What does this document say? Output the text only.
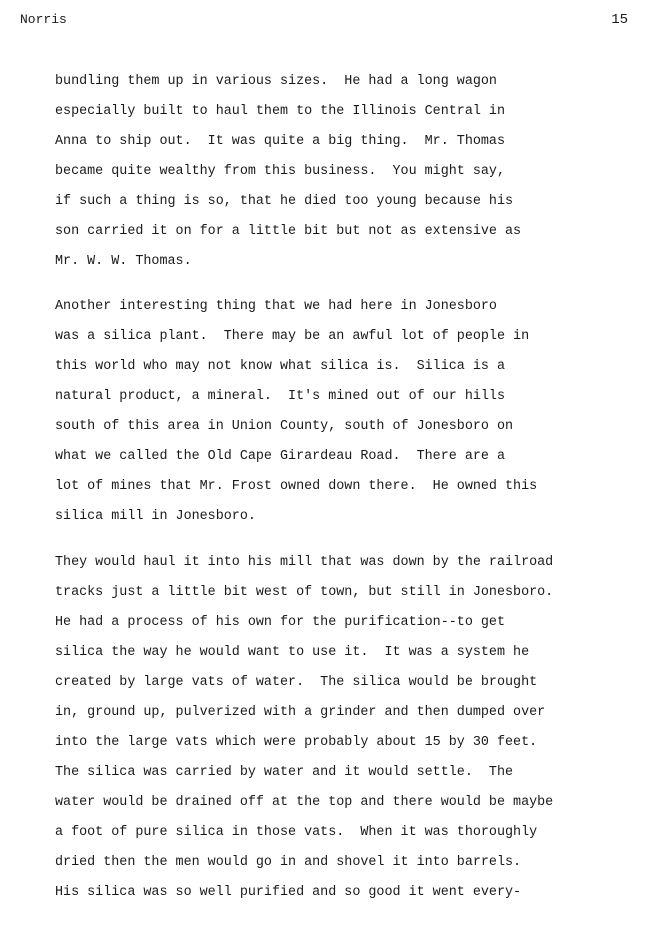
Norris	15
bundling them up in various sizes.  He had a long wagon
especially built to haul them to the Illinois Central in
Anna to ship out.  It was quite a big thing.  Mr. Thomas
became quite wealthy from this business.  You might say,
if such a thing is so, that he died too young because his
son carried it on for a little bit but not as extensive as
Mr. W. W. Thomas.
Another interesting thing that we had here in Jonesboro
was a silica plant.  There may be an awful lot of people in
this world who may not know what silica is.  Silica is a
natural product, a mineral.  It's mined out of our hills
south of this area in Union County, south of Jonesboro on
what we called the Old Cape Girardeau Road.  There are a
lot of mines that Mr. Frost owned down there.  He owned this
silica mill in Jonesboro.
They would haul it into his mill that was down by the railroad
tracks just a little bit west of town, but still in Jonesboro.
He had a process of his own for the purification--to get
silica the way he would want to use it.  It was a system he
created by large vats of water.  The silica would be brought
in, ground up, pulverized with a grinder and then dumped over
into the large vats which were probably about 15 by 30 feet.
The silica was carried by water and it would settle.  The
water would be drained off at the top and there would be maybe
a foot of pure silica in those vats.  When it was thoroughly
dried then the men would go in and shovel it into barrels.
His silica was so well purified and so good it went every-
